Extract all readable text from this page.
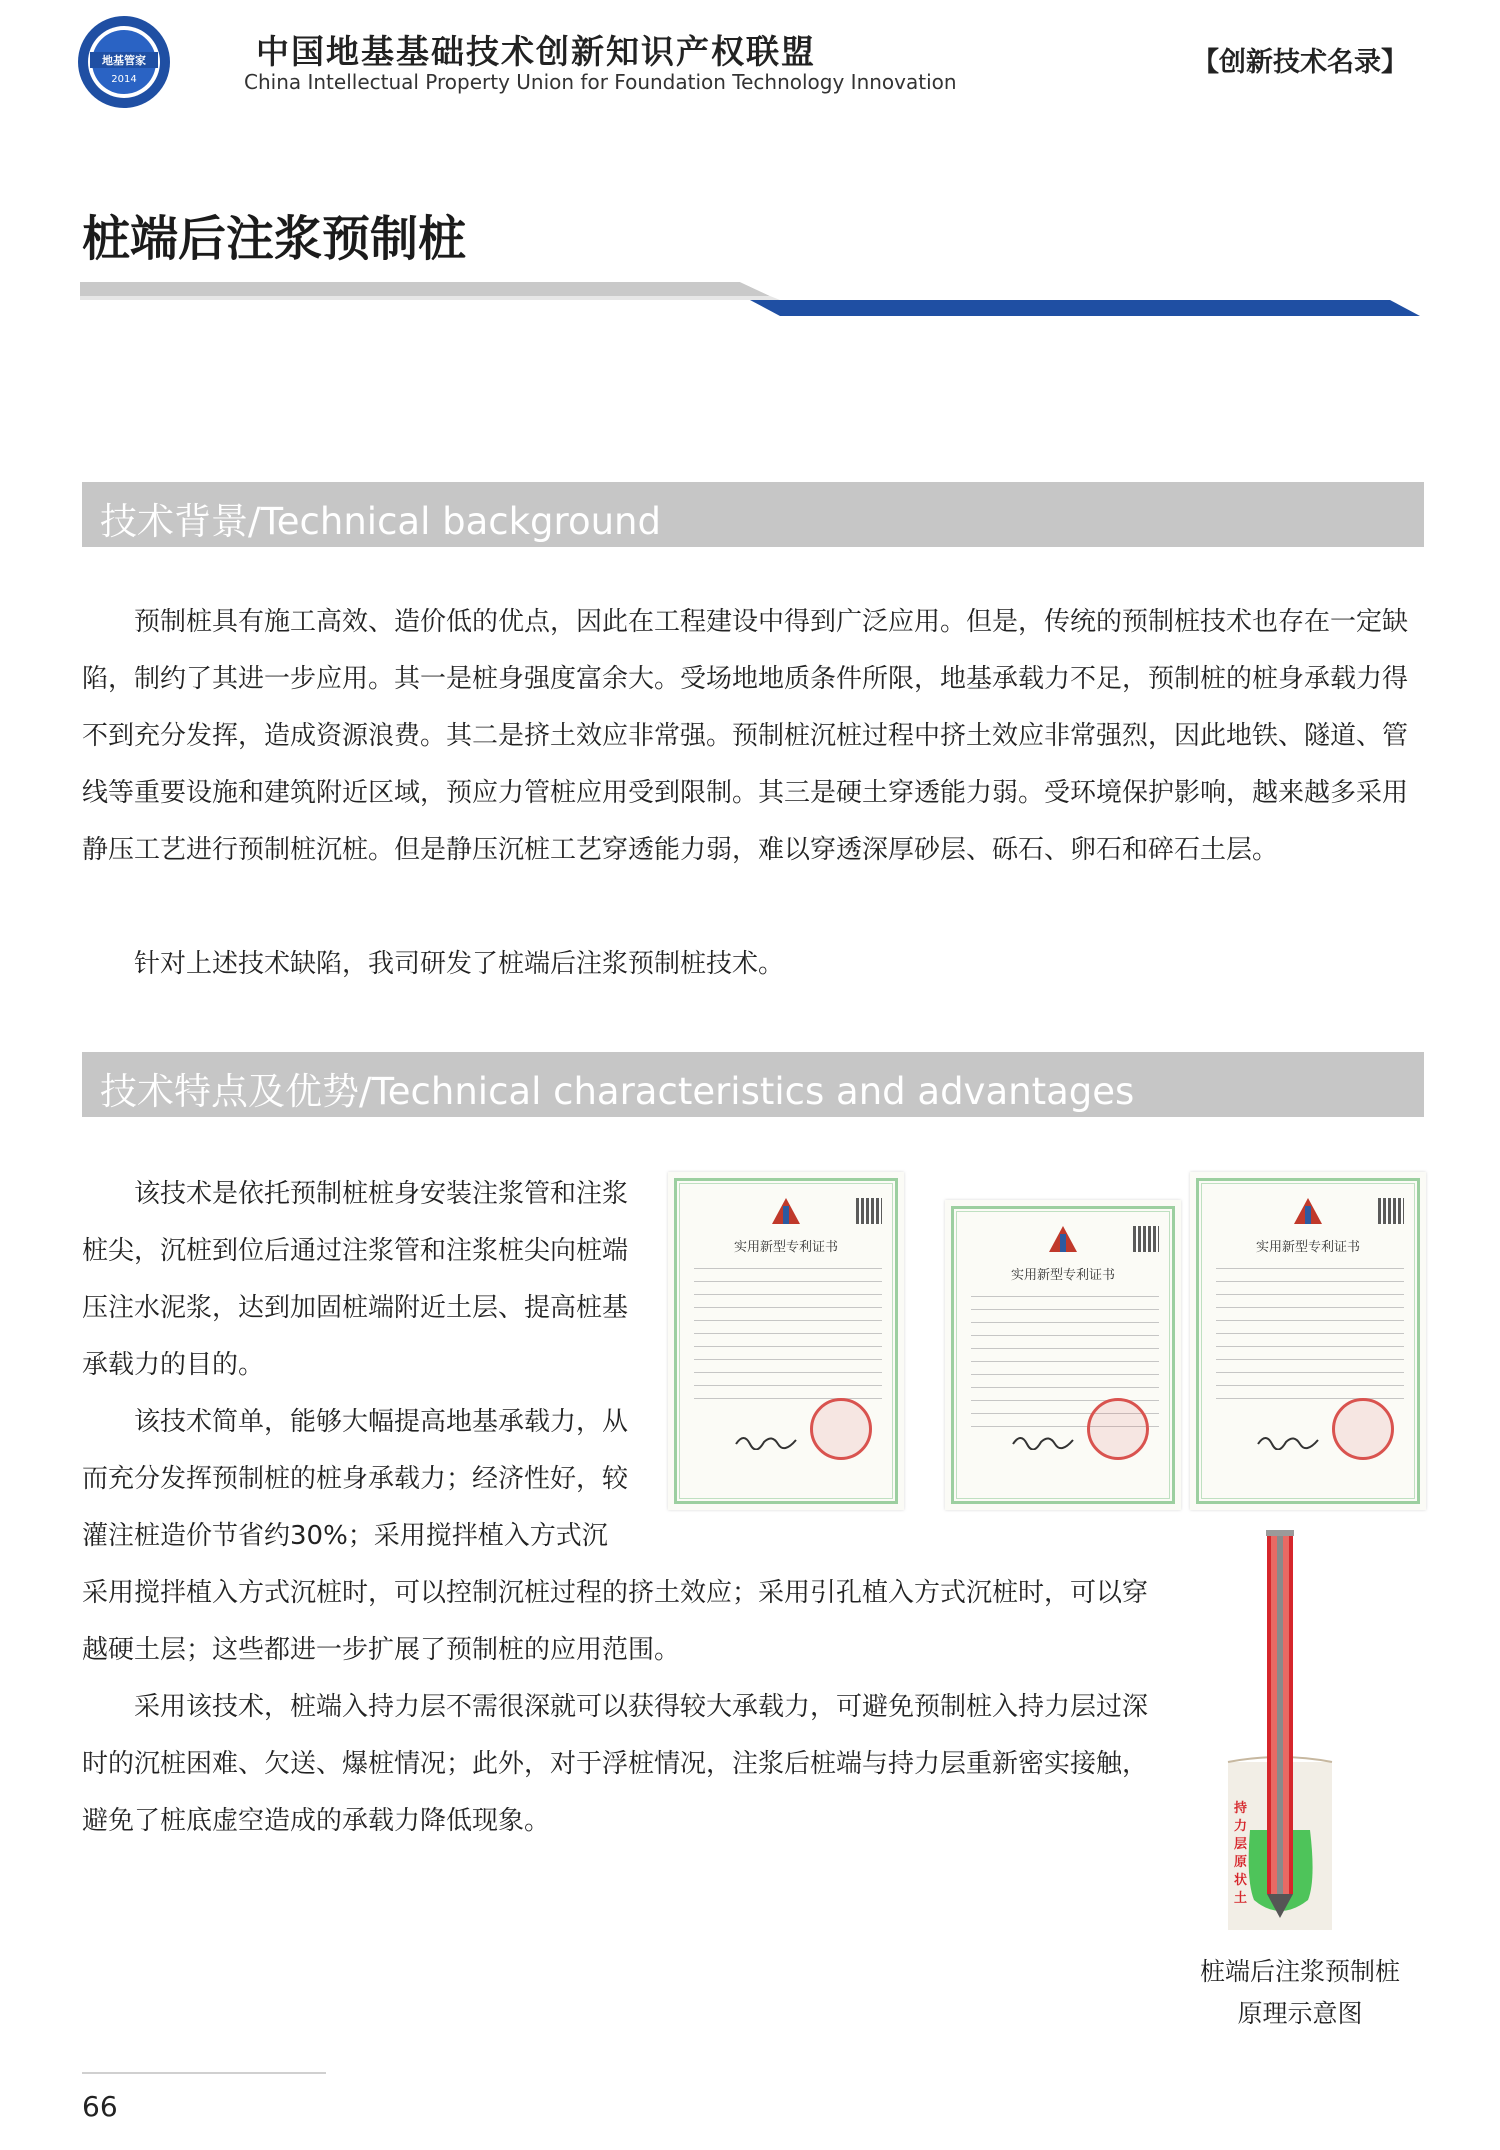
地基管家
2014
中国地基基础技术创新知识产权联盟
China Intellectual Property Union for Foundation Technology Innovation
【创新技术名录】
桩端后注浆预制桩
技术背景/Technical background

预制桩具有施工高效、造价低的优点，因此在工程建设中得到广泛应用。但是，传统的预制桩技术也存在一定缺陷，制约了其进一步应用。其一是桩身强度富余大。受场地地质条件所限，地基承载力不足，预制桩的桩身承载力得不到充分发挥，造成资源浪费。其二是挤土效应非常强。预制桩沉桩过程中挤土效应非常强烈，因此地铁、隧道、管线等重要设施和建筑附近区域，预应力管桩应用受到限制。其三是硬土穿透能力弱。受环境保护影响，越来越多采用静压工艺进行预制桩沉桩。但是静压沉桩工艺穿透能力弱，难以穿透深厚砂层、砾石、卵石和碎石土层。

针对上述技术缺陷，我司研发了桩端后注浆预制桩技术。

技术特点及优势/Technical characteristics and advantages

该技术是依托预制桩桩身安装注浆管和注浆桩尖，沉桩到位后通过注浆管和注浆桩尖向桩端压注水泥浆，达到加固桩端附近土层、提高桩基承载力的目的。

该技术简单，能够大幅提高地基承载力，从而充分发挥预制桩的桩身承载力；经济性好，较灌注桩造价节省约30%；采用搅拌植入方式沉

采用搅拌植入方式沉桩时，可以控制沉桩过程的挤土效应；采用引孔植入方式沉桩时，可以穿越硬土层；这些都进一步扩展了预制桩的应用范围。

采用该技术，桩端入持力层不需很深就可以获得较大承载力，可避免预制桩入持力层过深时的沉桩困难、欠送、爆桩情况；此外，对于浮桩情况，注浆后桩端与持力层重新密实接触，避免了桩底虚空造成的承载力降低现象。

实用新型专利证书
实用新型专利证书
实用新型专利证书
持力层 原状土
桩端后注浆预制桩
原理示意图
66
